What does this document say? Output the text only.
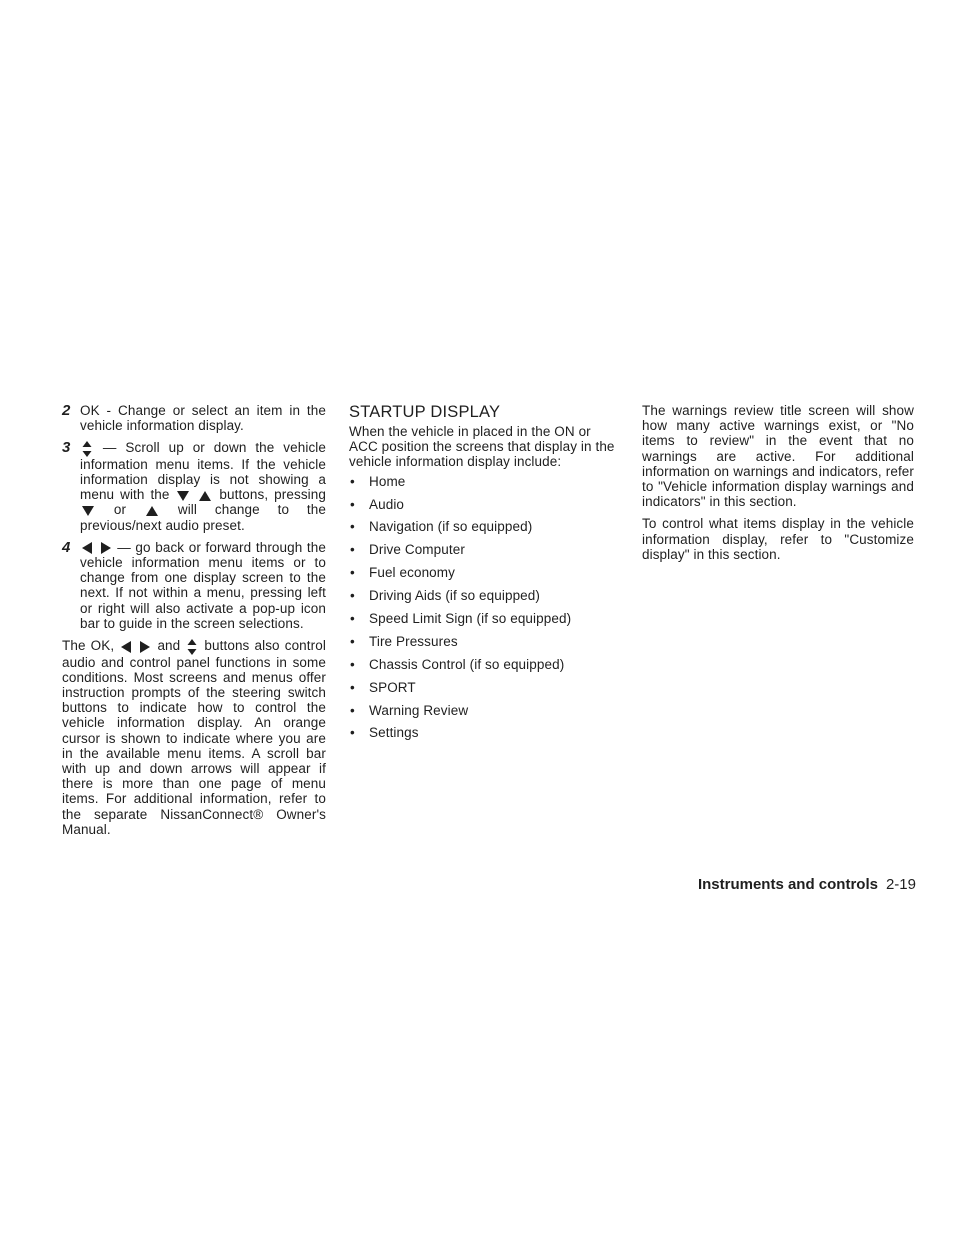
2 OK - Change or select an item in the vehicle information display.
3	— Scroll up or down the vehicle information menu items. If the vehicle information display is not showing a menu with the
	buttons, pressing
or	will change to the previous/next audio preset.
4
	— go back or forward through the vehicle information menu items or to change from one display screen to the next. If not within a menu, pressing left or right will also activate a pop-up icon bar to guide in the screen selections.

The OK,
	and buttons also control audio and control panel functions in some conditions. Most screens and menus offer instruction prompts of the steering switch buttons to indicate how to control the vehicle information display. An orange cursor is shown to indicate where you are in the available menu items. A scroll bar with up and down arrows will appear if there is more than one page of menu items. For additional information, refer to the separate NissanConnect® Owner's Manual.

STARTUP DISPLAY

When the vehicle in placed in the ON or ACC position the screens that display in the vehicle information display include:

• Home
• Audio
• Navigation (if so equipped)
• Drive Computer
• Fuel economy
• Driving Aids (if so equipped)
• Speed Limit Sign (if so equipped)
• Tire Pressures
• Chassis Control (if so equipped)
• SPORT
• Warning Review
• Settings

The warnings review title screen will show how many active warnings exist, or "No items to review" in the event that no warnings are active. For additional information on warnings and indicators, refer to "Vehicle information display warnings and indicators" in this section.

To control what items display in the vehicle information display, refer to "Customize display" in this section.

Instruments and controls 2-19
